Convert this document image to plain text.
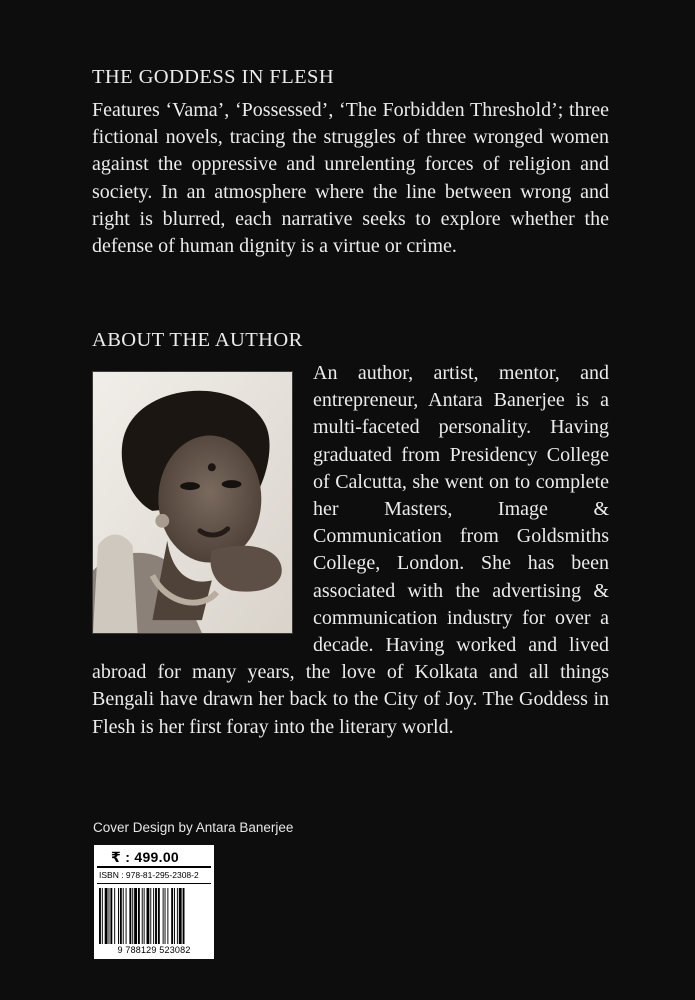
THE GODDESS IN FLESH

Features ‘Vama’, ‘Possessed’, ‘The Forbidden Threshold’; three fictional novels, tracing the struggles of three wronged women against the oppressive and unrelenting forces of religion and society. In an atmosphere where the line between wrong and right is blurred, each narrative seeks to explore whether the defense of human dignity is a virtue or crime.

ABOUT THE AUTHOR
An author, artist, mentor, and entrepreneur, Antara Banerjee is a multi-faceted personality. Having graduated from Presidency College of Calcutta, she went on to complete her Masters, Image & Communication from Goldsmiths College, London. She has been associated with the advertising & communication industry for over a decade. Having worked and lived abroad for many years, the love of Kolkata and all things Bengali have drawn her back to the City of Joy. The Goddess in Flesh is her first foray into the literary world.

Cover Design by Antara Banerjee

₹ : 499.00
ISBN : 978-81-295-2308-2
9 788129 523082
